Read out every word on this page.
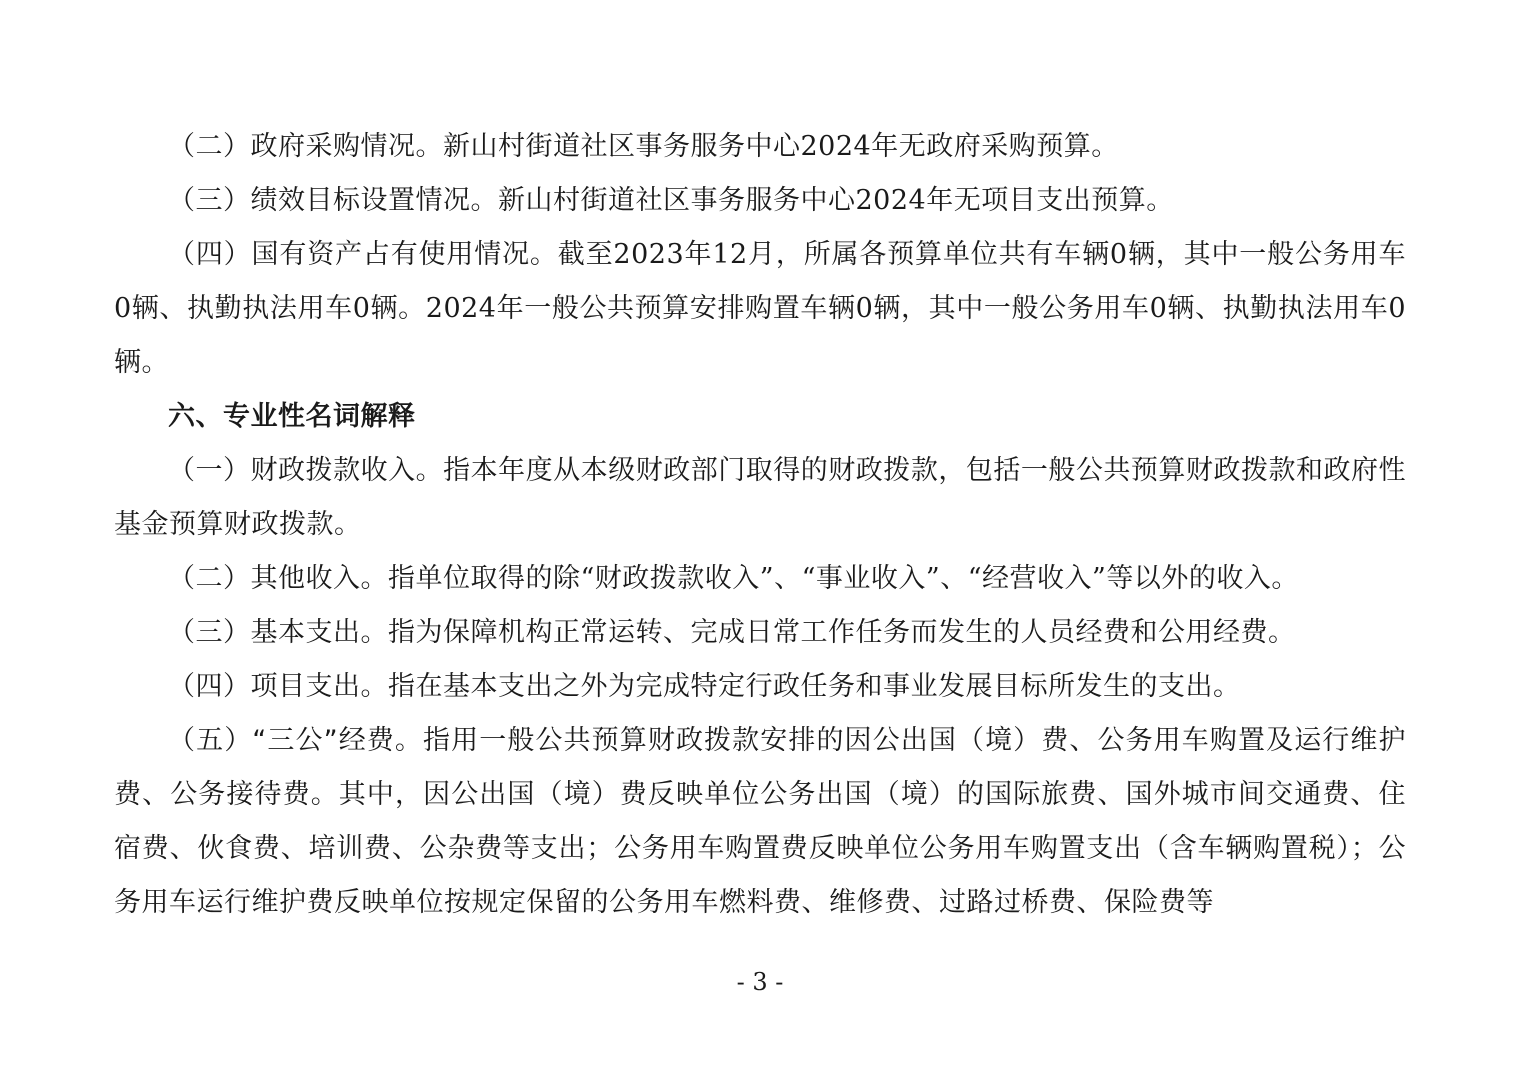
（二）政府采购情况。新山村街道社区事务服务中心2024年无政府采购预算。

（三）绩效目标设置情况。新山村街道社区事务服务中心2024年无项目支出预算。

（四）国有资产占有使用情况。截至2023年12月，所属各预算单位共有车辆0辆，其中一般公务用车0辆、执勤执法用车0辆。2024年一般公共预算安排购置车辆0辆，其中一般公务用车0辆、执勤执法用车0辆。

六、专业性名词解释

（一）财政拨款收入。指本年度从本级财政部门取得的财政拨款，包括一般公共预算财政拨款和政府性基金预算财政拨款。

（二）其他收入。指单位取得的除“财政拨款收入”、“事业收入”、“经营收入”等以外的收入。

（三）基本支出。指为保障机构正常运转、完成日常工作任务而发生的人员经费和公用经费。

（四）项目支出。指在基本支出之外为完成特定行政任务和事业发展目标所发生的支出。

（五）“三公”经费。指用一般公共预算财政拨款安排的因公出国（境）费、公务用车购置及运行维护费、公务接待费。其中，因公出国（境）费反映单位公务出国（境）的国际旅费、国外城市间交通费、住宿费、伙食费、培训费、公杂费等支出；公务用车购置费反映单位公务用车购置支出（含车辆购置税）；公务用车运行维护费反映单位按规定保留的公务用车燃料费、维修费、过路过桥费、保险费等

- 3 -
